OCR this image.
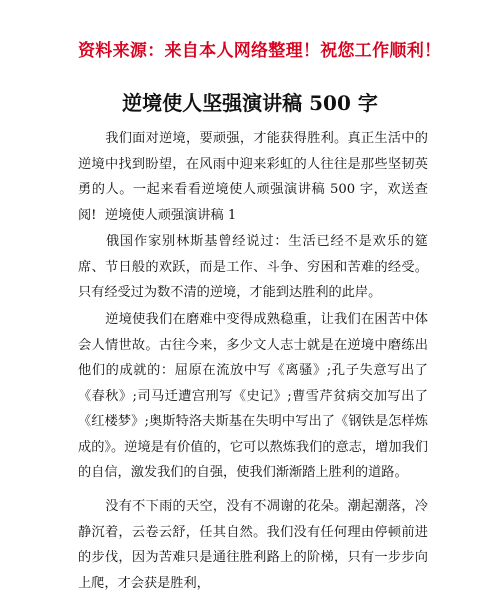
资料来源：来自本人网络整理！祝您工作顺利！
逆境使人坚强演讲稿 500 字

我们面对逆境，要顽强，才能获得胜利。真正生活中的逆境中找到盼望，在风雨中迎来彩虹的人往往是那些坚韧英勇的人。一起来看看逆境使人顽强演讲稿 500 字，欢送查阅! 逆境使人顽强演讲稿 1

俄国作家别林斯基曾经说过：生活已经不是欢乐的筵席、节日般的欢跃，而是工作、斗争、穷困和苦难的经受。只有经受过为数不清的逆境，才能到达胜利的此岸。

逆境使我们在磨难中变得成熟稳重，让我们在困苦中体会人情世故。古往今来，多少文人志士就是在逆境中磨练出他们的成就的：屈原在流放中写《离骚》;孔子失意写出了《春秋》;司马迁遭宫刑写《史记》;曹雪芹贫病交加写出了《红楼梦》;奥斯特洛夫斯基在失明中写出了《钢铁是怎样炼成的》。逆境是有价值的，它可以熬炼我们的意志，增加我们的自信，激发我们的自强，使我们渐渐踏上胜利的道路。

没有不下雨的天空，没有不凋谢的花朵。潮起潮落，冷静沉着，云卷云舒，任其自然。我们没有任何理由停顿前进的步伐，因为苦难只是通往胜利路上的阶梯，只有一步步向上爬，才会获是胜利，
